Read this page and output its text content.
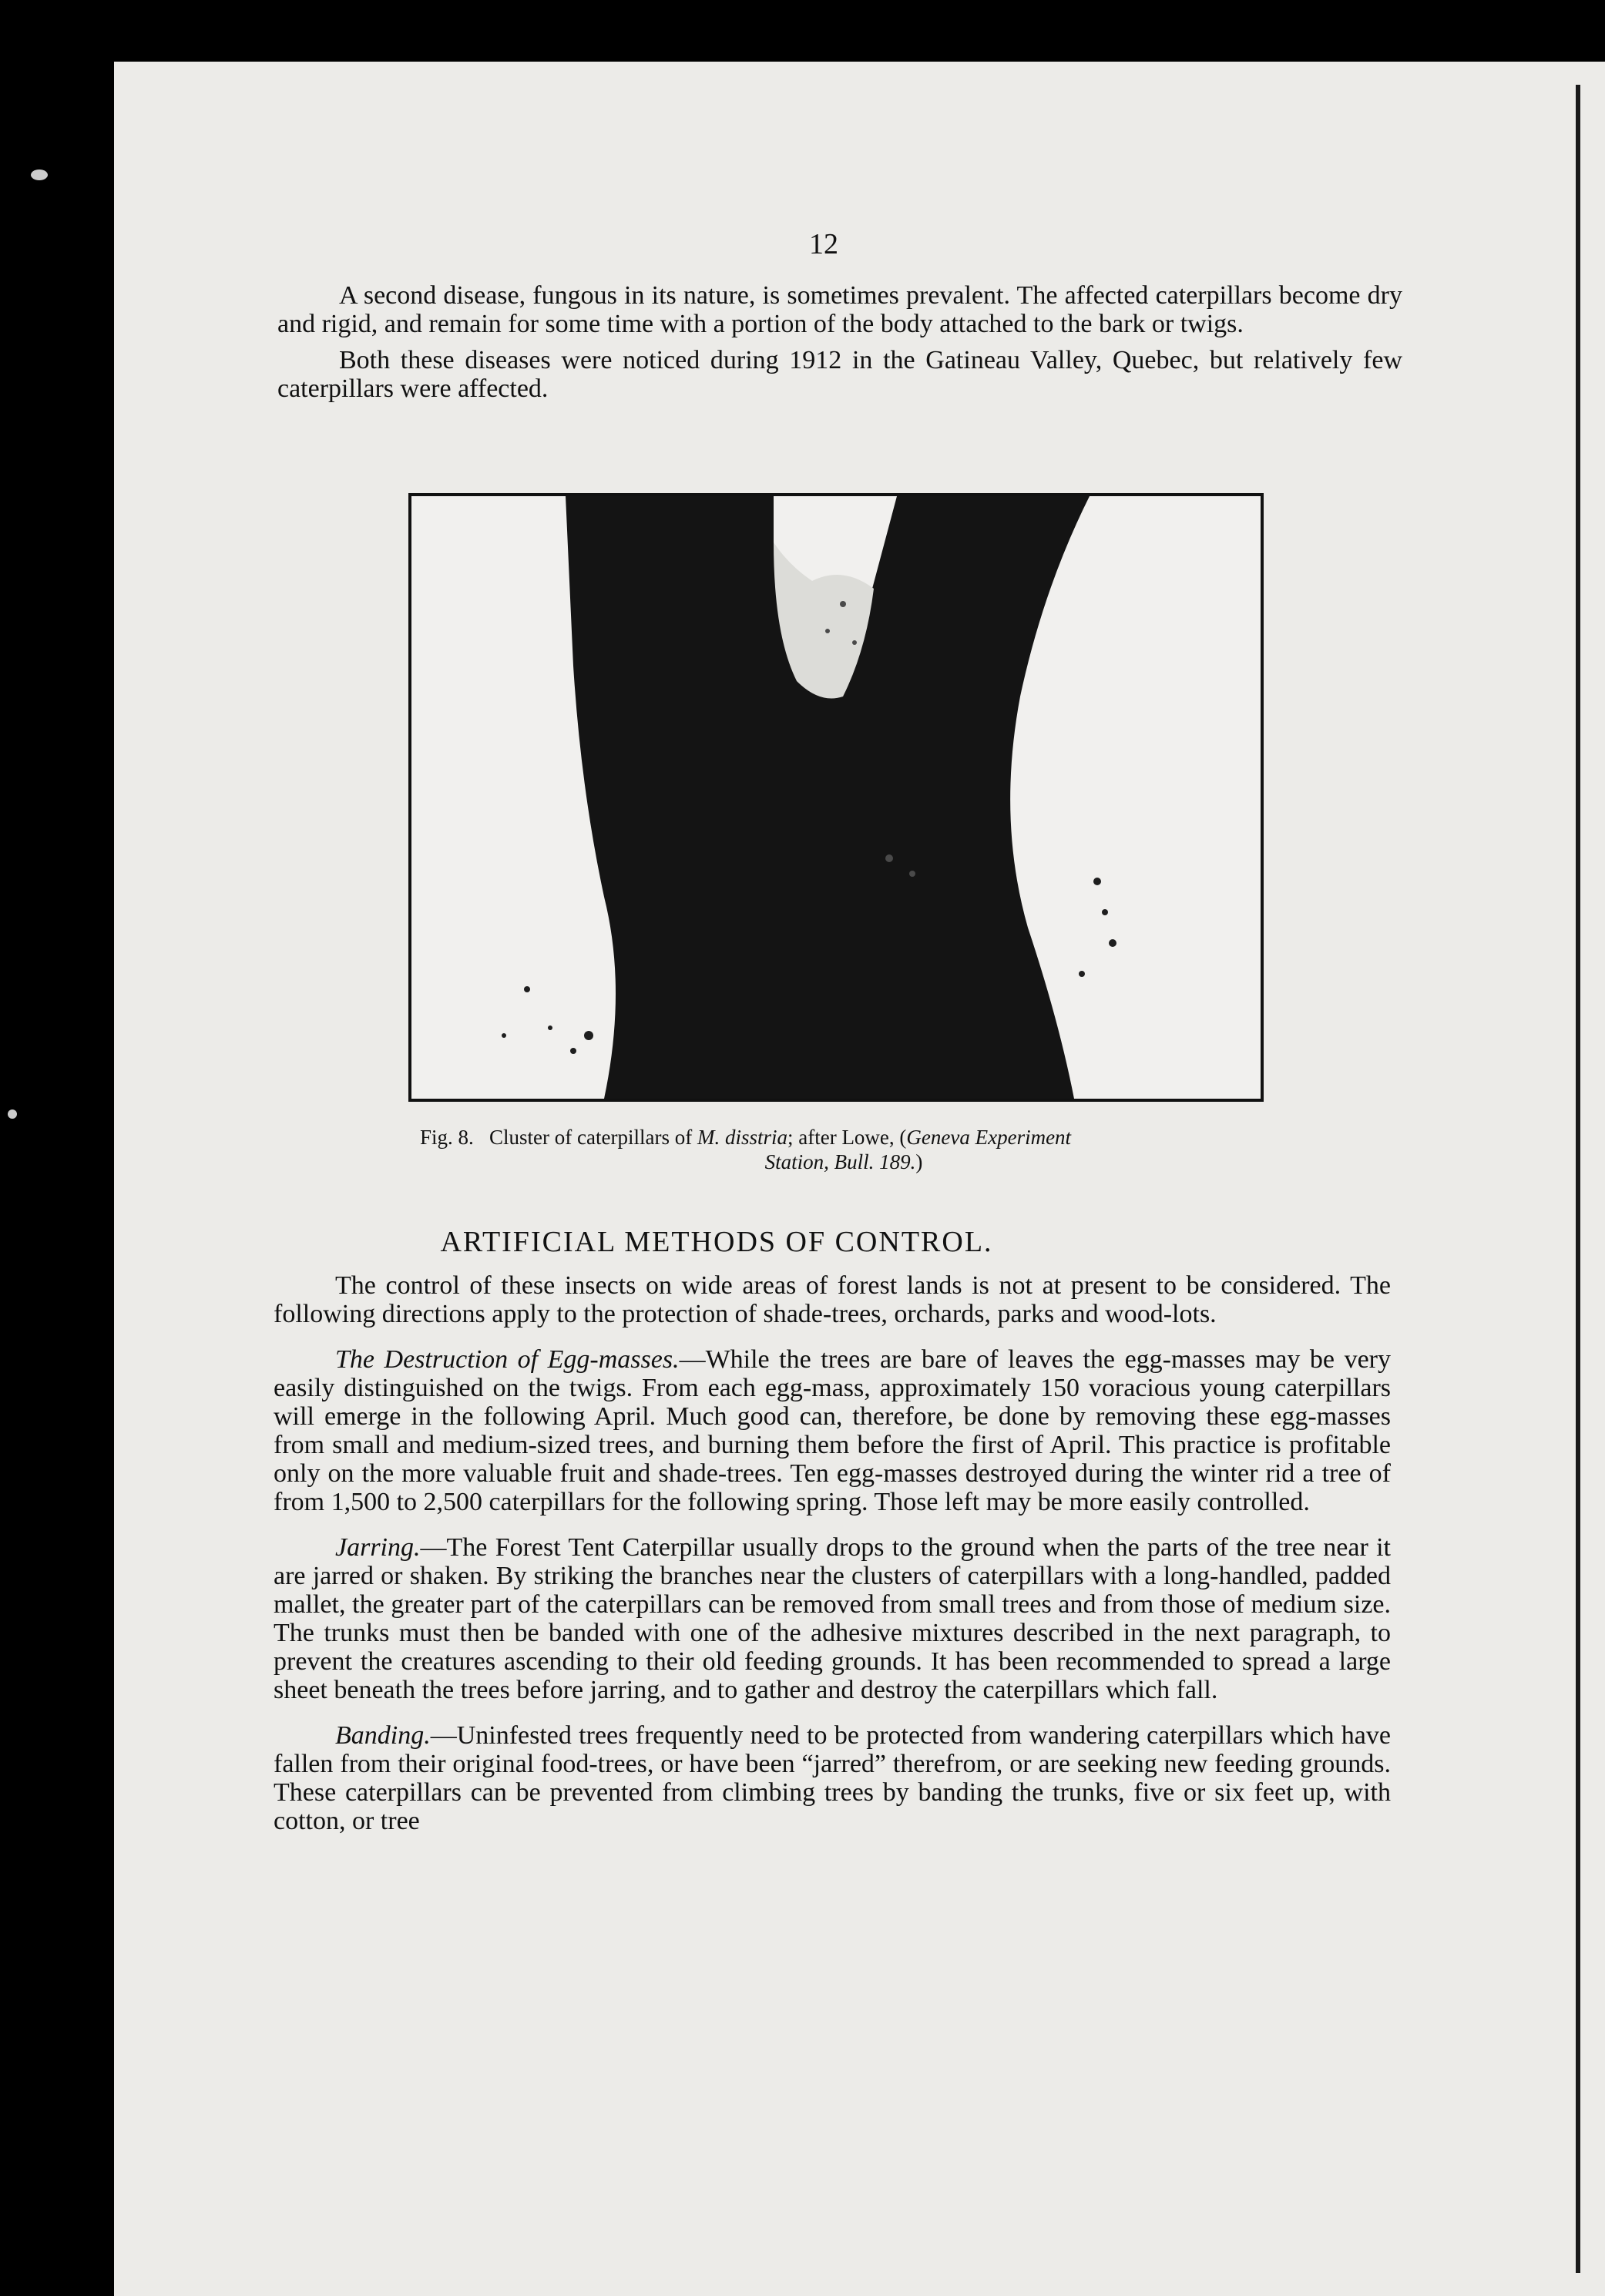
12

A second disease, fungous in its nature, is sometimes prevalent. The affected caterpillars become dry and rigid, and remain for some time with a portion of the body attached to the bark or twigs.

Both these diseases were noticed during 1912 in the Gatineau Valley, Quebec, but relatively few caterpillars were affected.

Fig. 8. Cluster of caterpillars of M. disstria; after Lowe, (Geneva Experiment
Station, Bull. 189.)
ARTIFICIAL METHODS OF CONTROL.

The control of these insects on wide areas of forest lands is not at present to be considered. The following directions apply to the protection of shade-trees, orchards, parks and wood-lots.

The Destruction of Egg-masses.—While the trees are bare of leaves the egg-masses may be very easily distinguished on the twigs. From each egg-mass, approximately 150 voracious young caterpillars will emerge in the following April. Much good can, therefore, be done by removing these egg-masses from small and medium-sized trees, and burning them before the first of April. This practice is profitable only on the more valuable fruit and shade-trees. Ten egg-masses destroyed during the winter rid a tree of from 1,500 to 2,500 caterpillars for the following spring. Those left may be more easily controlled.

Jarring.—The Forest Tent Caterpillar usually drops to the ground when the parts of the tree near it are jarred or shaken. By striking the branches near the clusters of caterpillars with a long-handled, padded mallet, the greater part of the caterpillars can be removed from small trees and from those of medium size. The trunks must then be banded with one of the adhesive mixtures described in the next paragraph, to prevent the creatures ascending to their old feeding grounds. It has been recommended to spread a large sheet beneath the trees before jarring, and to gather and destroy the caterpillars which fall.

Banding.—Uninfested trees frequently need to be protected from wandering caterpillars which have fallen from their original food-trees, or have been “jarred” therefrom, or are seeking new feeding grounds. These caterpillars can be prevented from climbing trees by banding the trunks, five or six feet up, with cotton, or tree
